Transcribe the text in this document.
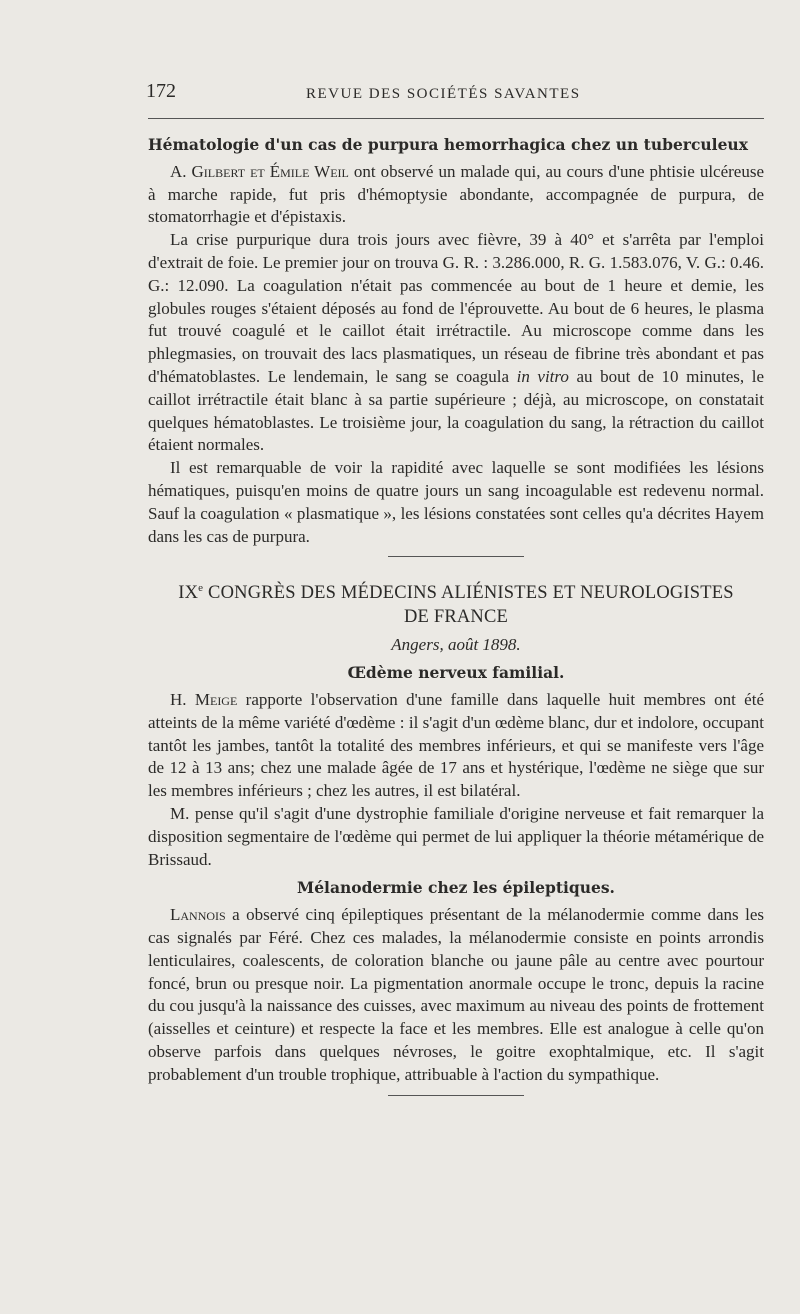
172	REVUE DES SOCIÉTÉS SAVANTES
Hématologie d'un cas de purpura hemorrhagica chez un tuberculeux

A. Gilbert et Émile Weil ont observé un malade qui, au cours d'une phtisie ulcéreuse à marche rapide, fut pris d'hémoptysie abondante, accompagnée de purpura, de stomatorrhagie et d'épistaxis.

La crise purpurique dura trois jours avec fièvre, 39 à 40° et s'arrêta par l'emploi d'extrait de foie. Le premier jour on trouva G. R. : 3.286.000, R. G. 1.583.076, V. G.: 0.46. G.: 12.090. La coagulation n'était pas commencée au bout de 1 heure et demie, les globules rouges s'étaient déposés au fond de l'éprouvette. Au bout de 6 heures, le plasma fut trouvé coagulé et le caillot était irrétractile. Au microscope comme dans les phlegmasies, on trouvait des lacs plasmatiques, un réseau de fibrine très abondant et pas d'hématoblastes. Le lendemain, le sang se coagula in vitro au bout de 10 minutes, le caillot irrétractile était blanc à sa partie supérieure ; déjà, au microscope, on constatait quelques hématoblastes. Le troisième jour, la coagulation du sang, la rétraction du caillot étaient normales.

Il est remarquable de voir la rapidité avec laquelle se sont modifiées les lésions hématiques, puisqu'en moins de quatre jours un sang incoagulable est redevenu normal. Sauf la coagulation « plasmatique », les lésions constatées sont celles qu'a décrites Hayem dans les cas de purpura.

IXe CONGRÈS DES MÉDECINS ALIÉNISTES ET NEUROLOGISTES
DE FRANCE
Angers, août 1898.
Œdème nerveux familial.

H. Meige rapporte l'observation d'une famille dans laquelle huit membres ont été atteints de la même variété d'œdème : il s'agit d'un œdème blanc, dur et indolore, occupant tantôt les jambes, tantôt la totalité des membres inférieurs, et qui se manifeste vers l'âge de 12 à 13 ans; chez une malade âgée de 17 ans et hystérique, l'œdème ne siège que sur les membres inférieurs ; chez les autres, il est bilatéral.

M. pense qu'il s'agit d'une dystrophie familiale d'origine nerveuse et fait remarquer la disposition segmentaire de l'œdème qui permet de lui appliquer la théorie métamérique de Brissaud.

Mélanodermie chez les épileptiques.

Lannois a observé cinq épileptiques présentant de la mélanodermie comme dans les cas signalés par Féré. Chez ces malades, la mélanodermie consiste en points arrondis lenticulaires, coalescents, de coloration blanche ou jaune pâle au centre avec pourtour foncé, brun ou presque noir. La pigmentation anormale occupe le tronc, depuis la racine du cou jusqu'à la naissance des cuisses, avec maximum au niveau des points de frottement (aisselles et ceinture) et respecte la face et les membres. Elle est analogue à celle qu'on observe parfois dans quelques névroses, le goitre exophtalmique, etc. Il s'agit probablement d'un trouble trophique, attribuable à l'action du sympathique.
